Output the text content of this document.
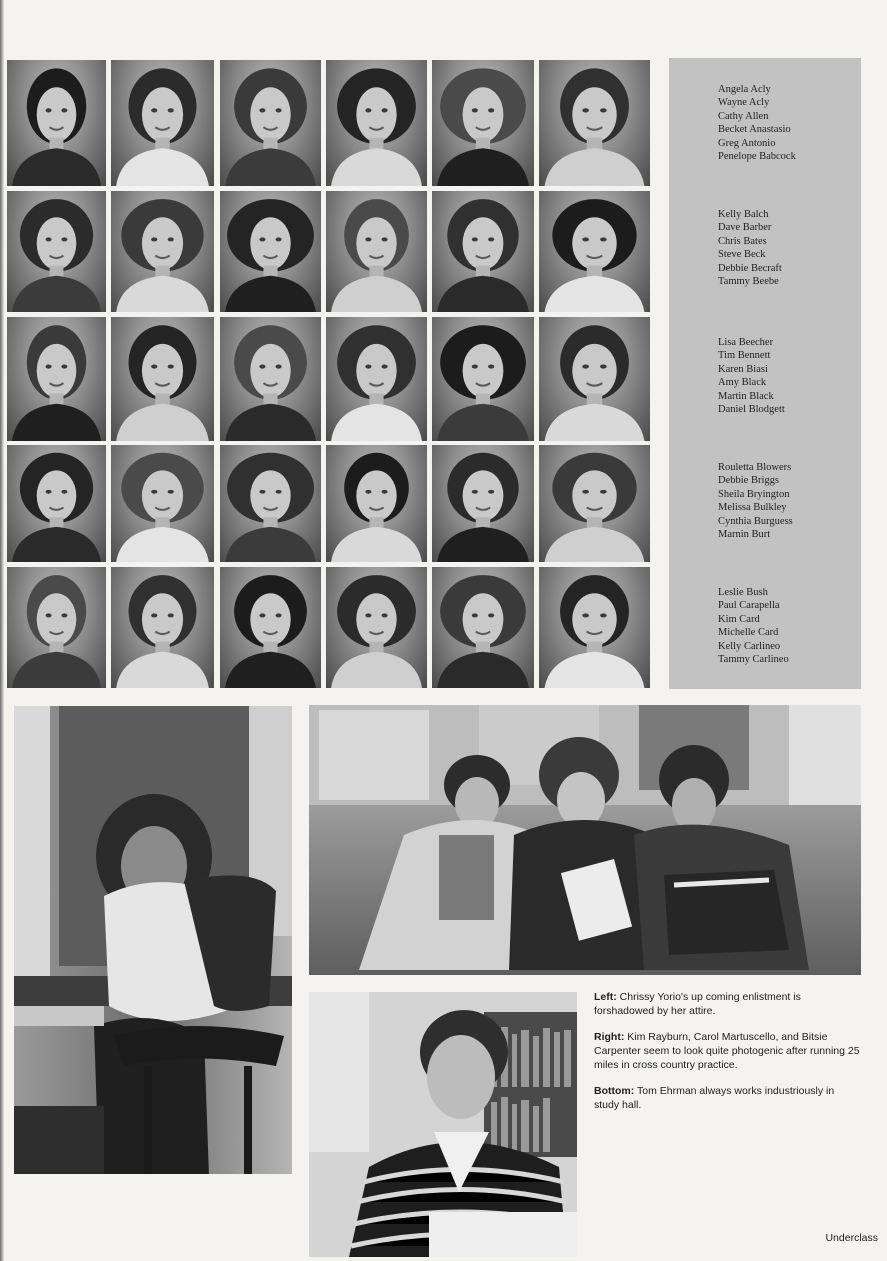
Angela Acly
Wayne Acly
Cathy Allen
Becket Anastasio
Greg Antonio
Penelope Babcock
Kelly Balch
Dave Barber
Chris Bates
Steve Beck
Debbie Becraft
Tammy Beebe
Lisa Beecher
Tim Bennett
Karen Biasi
Amy Black
Martin Black
Daniel Blodgett
Rouletta Blowers
Debbie Briggs
Sheila Bryington
Melissa Bulkley
Cynthia Burguess
Marnin Burt
Leslie Bush
Paul Carapella
Kim Card
Michelle Card
Kelly Carlineo
Tammy Carlineo

Left: Chrissy Yorio's up coming enlistment is forshadowed by her attire.

Right: Kim Rayburn, Carol Martuscello, and Bitsie Carpenter seem to look quite photogenic after running 25 miles in cross country practice.

Bottom: Tom Ehrman always works industriously in study hall.

Underclass
